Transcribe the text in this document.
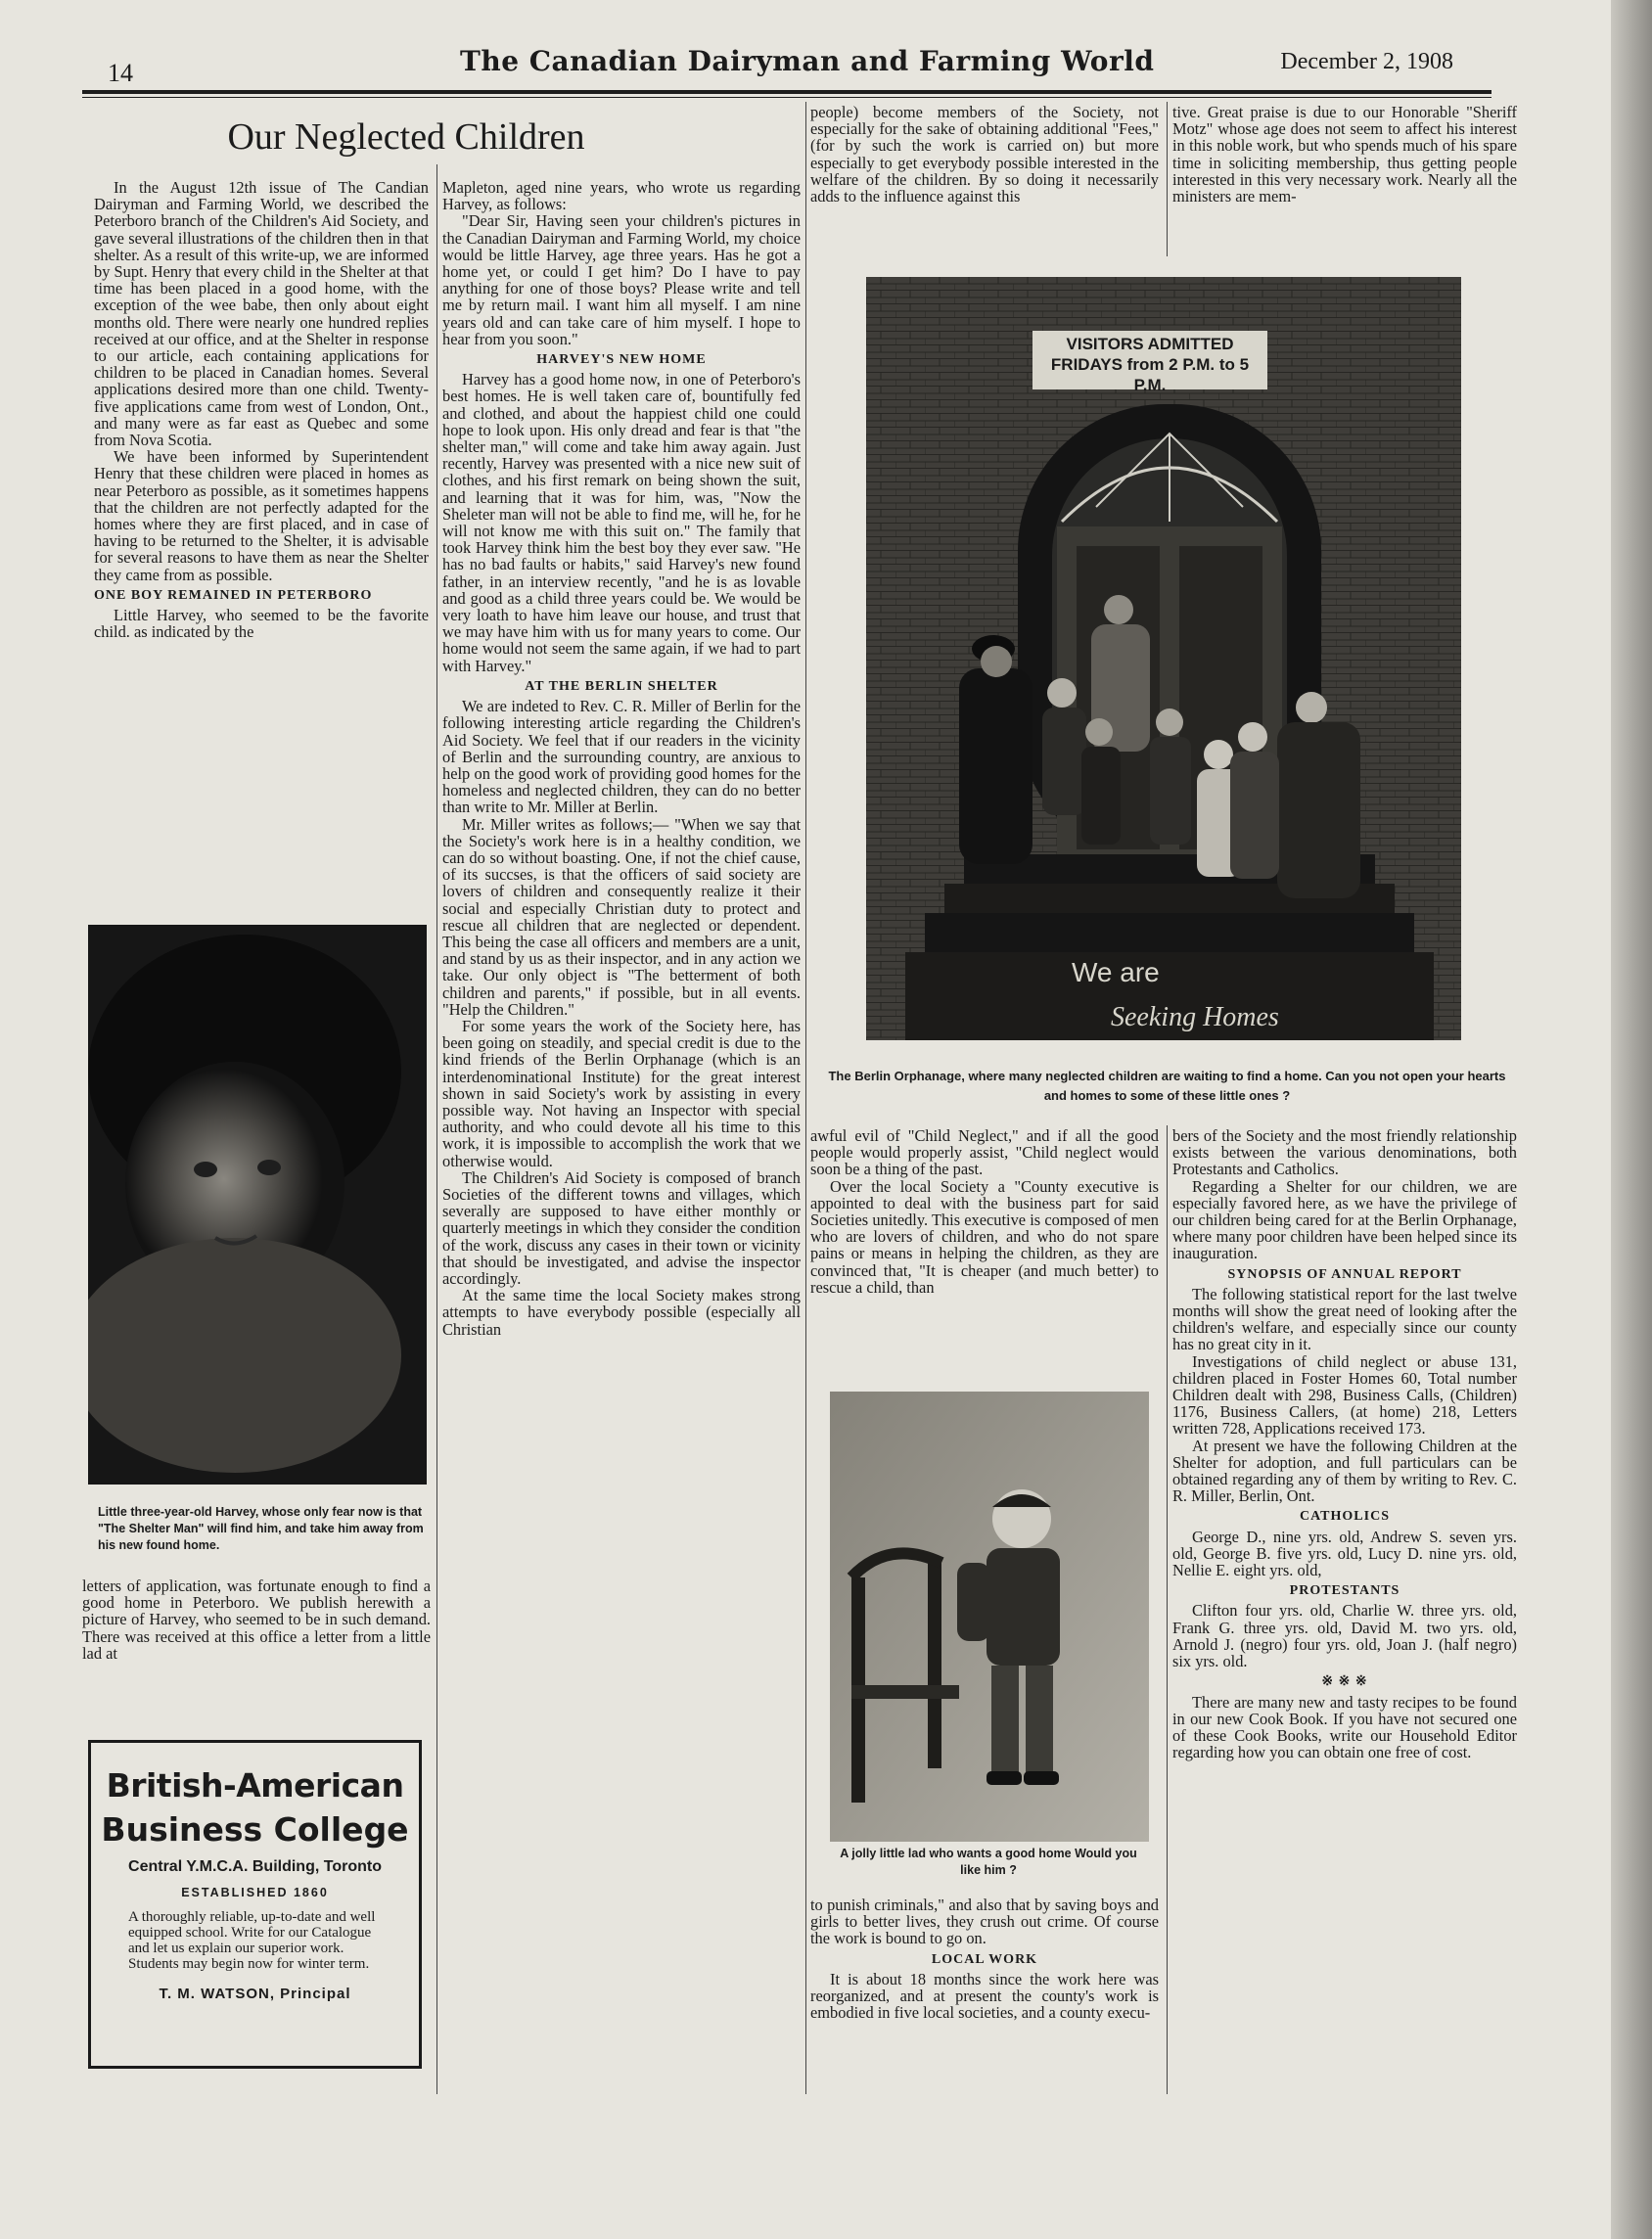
14	The Canadian Dairyman and Farming World	December 2, 1908
Our Neglected Children

In the August 12th issue of The Candian Dairyman and Farming World, we described the Peterboro branch of the Children's Aid Society, and gave several illustrations of the children then in that shelter. As a result of this write-up, we are informed by Supt. Henry that every child in the Shelter at that time has been placed in a good home, with the exception of the wee babe, then only about eight months old. There were nearly one hundred replies received at our office, and at the Shelter in response to our article, each containing applications for children to be placed in Canadian homes. Several applications desired more than one child. Twenty-five applications came from west of London, Ont., and many were as far east as Quebec and some from Nova Scotia.

We have been informed by Superintendent Henry that these children were placed in homes as near Peterboro as possible, as it sometimes happens that the children are not perfectly adapted for the homes where they are first placed, and in case of having to be returned to the Shelter, it is advisable for several reasons to have them as near the Shelter they came from as possible.

ONE BOY REMAINED IN PETERBORO

Little Harvey, who seemed to be the favorite child. as indicated by the

Little three-year-old Harvey, whose only fear now is that "The Shelter Man" will find him, and take him away from his new found home.

letters of application, was fortunate enough to find a good home in Peterboro. We publish herewith a picture of Harvey, who seemed to be in such demand. There was received at this office a letter from a little lad at

British-American
Business College
Central Y.M.C.A. Building, Toronto
ESTABLISHED 1860
A thoroughly reliable, up-to-date and well equipped school. Write for our Catalogue and let us explain our superior work. Students may begin now for winter term.
T. M. WATSON, Principal

Mapleton, aged nine years, who wrote us regarding Harvey, as follows:

"Dear Sir, Having seen your children's pictures in the Canadian Dairyman and Farming World, my choice would be little Harvey, age three years. Has he got a home yet, or could I get him? Do I have to pay anything for one of those boys? Please write and tell me by return mail. I want him all myself. I am nine years old and can take care of him myself. I hope to hear from you soon."

HARVEY'S NEW HOME

Harvey has a good home now, in one of Peterboro's best homes. He is well taken care of, bountifully fed and clothed, and about the happiest child one could hope to look upon. His only dread and fear is that "the shelter man," will come and take him away again. Just recently, Harvey was presented with a nice new suit of clothes, and his first remark on being shown the suit, and learning that it was for him, was, "Now the Sheleter man will not be able to find me, will he, for he will not know me with this suit on." The family that took Harvey think him the best boy they ever saw. "He has no bad faults or habits," said Harvey's new found father, in an interview recently, "and he is as lovable and good as a child three years could be. We would be very loath to have him leave our house, and trust that we may have him with us for many years to come. Our home would not seem the same again, if we had to part with Harvey."

AT THE BERLIN SHELTER

We are indeted to Rev. C. R. Miller of Berlin for the following interesting article regarding the Children's Aid Society. We feel that if our readers in the vicinity of Berlin and the surrounding country, are anxious to help on the good work of providing good homes for the homeless and neglected children, they can do no better than write to Mr. Miller at Berlin.

Mr. Miller writes as follows;— "When we say that the Society's work here is in a healthy condition, we can do so without boasting. One, if not the chief cause, of its succses, is that the officers of said society are lovers of children and consequently realize it their social and especially Christian duty to protect and rescue all children that are neglected or dependent. This being the case all officers and members are a unit, and stand by us as their inspector, and in any action we take. Our only object is "The betterment of both children and parents," if possible, but in all events. "Help the Children."

For some years the work of the Society here, has been going on steadily, and special credit is due to the kind friends of the Berlin Orphanage (which is an interdenominational Institute) for the great interest shown in said Society's work by assisting in every possible way. Not having an Inspector with special authority, and who could devote all his time to this work, it is impossible to accomplish the work that we otherwise would.

The Children's Aid Society is composed of branch Societies of the different towns and villages, which severally are supposed to have either monthly or quarterly meetings in which they consider the condition of the work, discuss any cases in their town or vicinity that should be investigated, and advise the inspector accordingly.

At the same time the local Society makes strong attempts to have everybody possible (especially all Christian

people) become members of the Society, not especially for the sake of obtaining additional "Fees," (for by such the work is carried on) but more especially to get everybody possible interested in the welfare of the children. By so doing it necessarily adds to the influence against this

tive. Great praise is due to our Honorable "Sheriff Motz" whose age does not seem to affect his interest in this noble work, but who spends much of his spare time in soliciting membership, thus getting people interested in this very necessary work. Nearly all the ministers are mem-

We are
Seeking Homes
VISITORS ADMITTED FRIDAYS from 2 P.M. to 5 P.M.
The Berlin Orphanage, where many neglected children are waiting to find a home. Can you not open your hearts and homes to some of these little ones ?

awful evil of "Child Neglect," and if all the good people would properly assist, "Child neglect would soon be a thing of the past.

Over the local Society a "County executive is appointed to deal with the business part for said Societies unitedly. This executive is composed of men who are lovers of children, and who do not spare pains or means in helping the children, as they are convinced that, "It is cheaper (and much better) to rescue a child, than

A jolly little lad who wants a good home Would you like him ?

to punish criminals," and also that by saving boys and girls to better lives, they crush out crime. Of course the work is bound to go on.

LOCAL WORK

It is about 18 months since the work here was reorganized, and at present the county's work is embodied in five local societies, and a county execu-

bers of the Society and the most friendly relationship exists between the various denominations, both Protestants and Catholics.

Regarding a Shelter for our children, we are especially favored here, as we have the privilege of our children being cared for at the Berlin Orphanage, where many poor children have been helped since its inauguration.

SYNOPSIS OF ANNUAL REPORT

The following statistical report for the last twelve months will show the great need of looking after the children's welfare, and especially since our county has no great city in it.

Investigations of child neglect or abuse 131, children placed in Foster Homes 60, Total number Children dealt with 298, Business Calls, (Children) 1176, Business Callers, (at home) 218, Letters written 728, Applications received 173.

At present we have the following Children at the Shelter for adoption, and full particulars can be obtained regarding any of them by writing to Rev. C. R. Miller, Berlin, Ont.

CATHOLICS

George D., nine yrs. old, Andrew S. seven yrs. old, George B. five yrs. old, Lucy D. nine yrs. old, Nellie E. eight yrs. old,

PROTESTANTS

Clifton four yrs. old, Charlie W. three yrs. old, Frank G. three yrs. old, David M. two yrs. old, Arnold J. (negro) four yrs. old, Joan J. (half negro) six yrs. old.

※ ※ ※

There are many new and tasty recipes to be found in our new Cook Book. If you have not secured one of these Cook Books, write our Household Editor regarding how you can obtain one free of cost.
